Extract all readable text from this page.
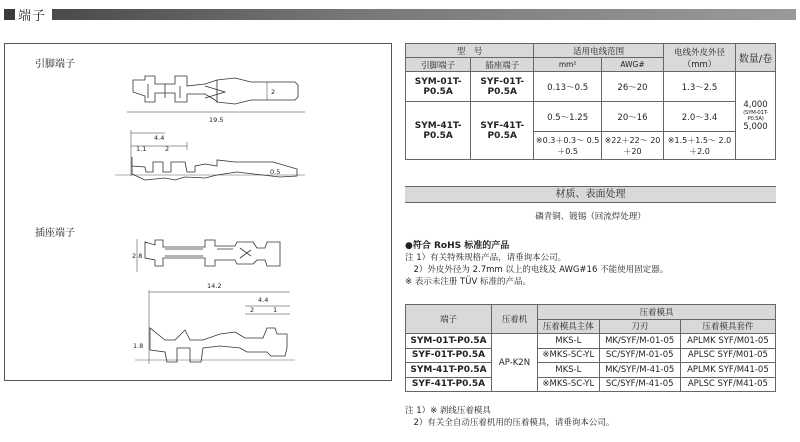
端子
引脚端子
插座端子
2
19.5
4.4
1.1	2
0.5
2.8
14.2
4.4
2	1
1.8
型　号		适用电线范围		电线外皮外径
（mm）	数量/卷
引脚端子	插座端子	mm²	AWG#		
SYM-01T-P0.5A	SYF-01T-P0.5A	0.13～0.5	26～20	1.3～2.5	4,000
(SYM-01T-P0.5A)
5,000

SYM-41T-P0.5A	SYF-41T-P0.5A	0.5～1.25	20～16	2.0～3.4	
		※0.3＋0.3～ 0.5＋0.5	※22＋22～ 20＋20	※1.5＋1.5～ 2.0＋2.0	
材质、表面处理
磷青铜、镀锡（回流焊处理）
●符合 RoHS 标准的产品
注 1）有关特殊规格产品，请垂询本公司。
　2）外皮外径为 2.7mm 以上的电线及 AWG#16 不能使用固定器。
※ 表示未注册 TÜV 标准的产品。
端子	压着机	压着模具		
		压着模具主体	刀刃	压着模具套件
SYM-01T-P0.5A	AP-K2N	MKS-L	MK/SYF/M-01-05	APLMK SYF/M01-05
SYF-01T-P0.5A		※MKS-SC-YL	SC/SYF/M-01-05	APLSC SYF/M01-05
SYM-41T-P0.5A		MKS-L	MK/SYF/M-41-05	APLMK SYF/M41-05
SYF-41T-P0.5A		※MKS-SC-YL	SC/SYF/M-41-05	APLSC SYF/M41-05
注 1）※ 剥线压着模具
　2）有关全自动压着机用的压着模具，请垂询本公司。
